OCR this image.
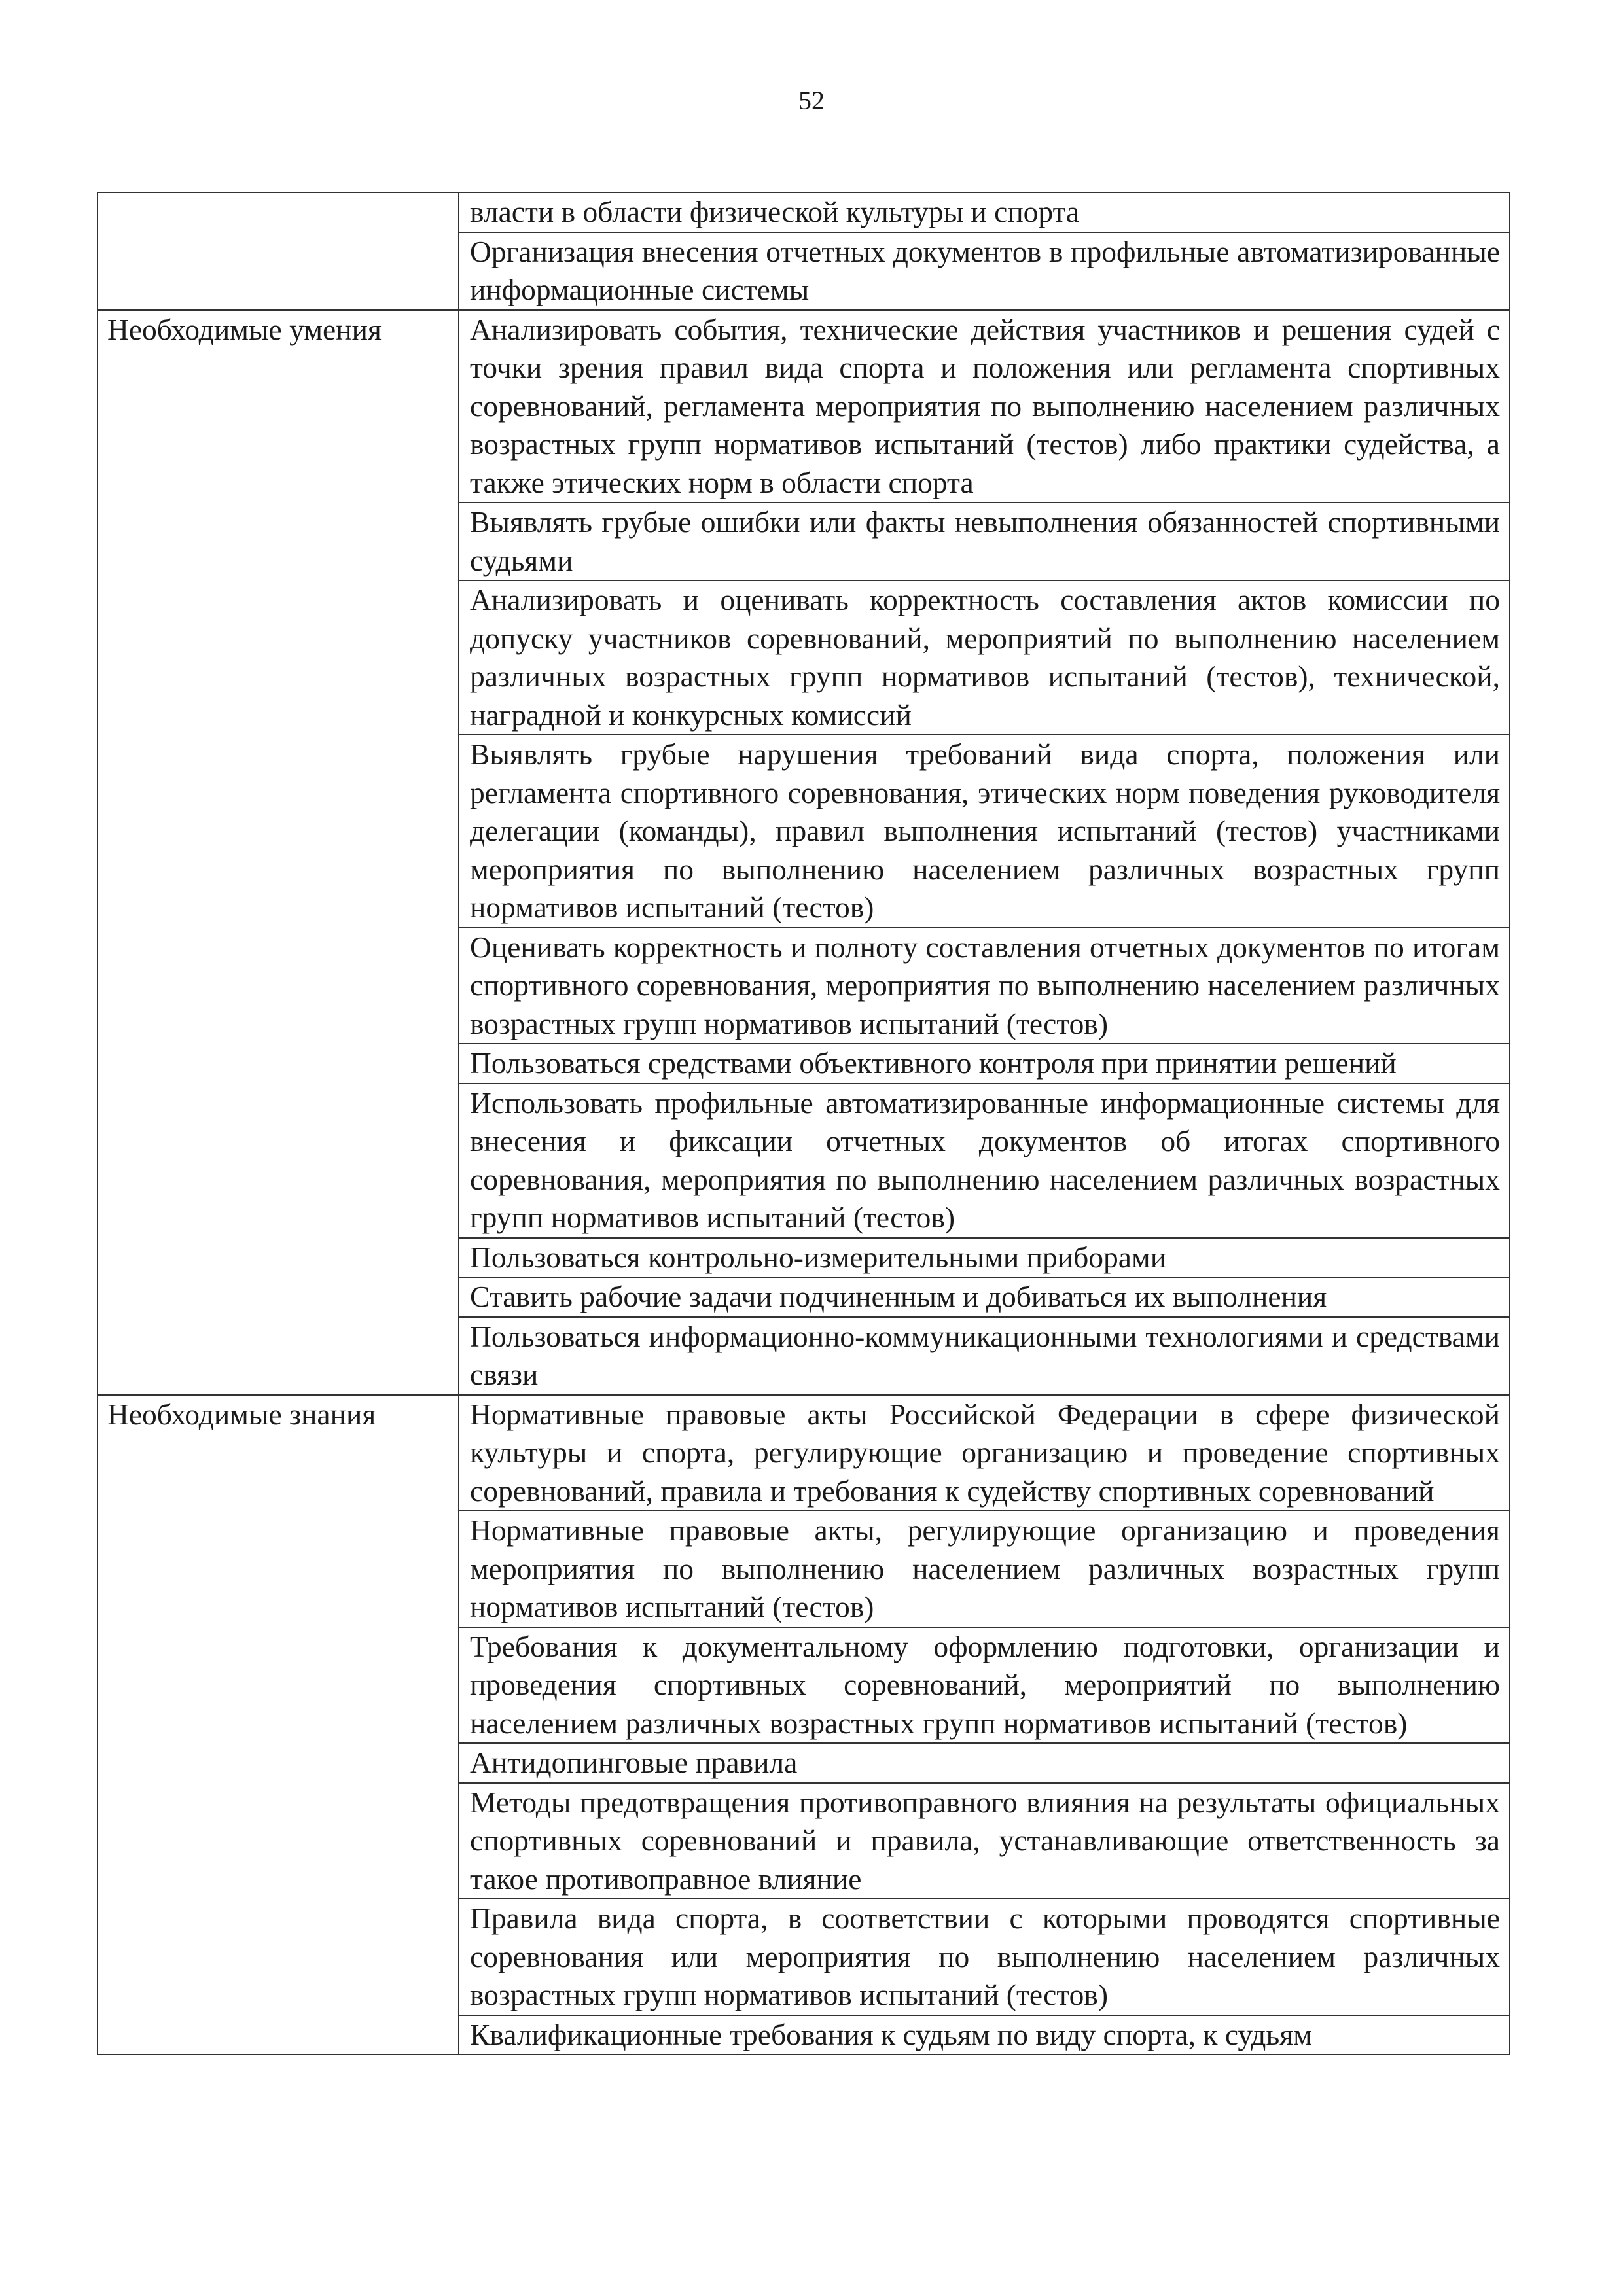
52
	власти в области физической культуры и спорта
	Организация внесения отчетных документов в профильные автоматизированные информационные системы
Необходимые умения	Анализировать события, технические действия участников и решения судей с точки зрения правил вида спорта и положения или регламента спортивных соревнований, регламента мероприятия по выполнению населением различных возрастных групп нормативов испытаний (тестов) либо практики судейства, а также этических норм в области спорта
	Выявлять грубые ошибки или факты невыполнения обязанностей спортивными судьями
	Анализировать и оценивать корректность составления актов комиссии по допуску участников соревнований, мероприятий по выполнению населением различных возрастных групп нормативов испытаний (тестов), технической, наградной и конкурсных комиссий
	Выявлять грубые нарушения требований вида спорта, положения или регламента спортивного соревнования, этических норм поведения руководителя делегации (команды), правил выполнения испытаний (тестов) участниками мероприятия по выполнению населением различных возрастных групп нормативов испытаний (тестов)
	Оценивать корректность и полноту составления отчетных документов по итогам спортивного соревнования, мероприятия по выполнению населением различных возрастных групп нормативов испытаний (тестов)
	Пользоваться средствами объективного контроля при принятии решений
	Использовать профильные автоматизированные информационные системы для внесения и фиксации отчетных документов об итогах спортивного соревнования, мероприятия по выполнению населением различных возрастных групп нормативов испытаний (тестов)
	Пользоваться контрольно-измерительными приборами
	Ставить рабочие задачи подчиненным и добиваться их выполнения
	Пользоваться информационно-коммуникационными технологиями и средствами связи
Необходимые знания	Нормативные правовые акты Российской Федерации в сфере физической культуры и спорта, регулирующие организацию и проведение спортивных соревнований, правила и требования к судейству спортивных соревнований
	Нормативные правовые акты, регулирующие организацию и проведения мероприятия по выполнению населением различных возрастных групп нормативов испытаний (тестов)
	Требования к документальному оформлению подготовки, организации и проведения спортивных соревнований, мероприятий по выполнению населением различных возрастных групп нормативов испытаний (тестов)
	Антидопинговые правила
	Методы предотвращения противоправного влияния на результаты официальных спортивных соревнований и правила, устанавливающие ответственность за такое противоправное влияние
	Правила вида спорта, в соответствии с которыми проводятся спортивные соревнования или мероприятия по выполнению населением различных возрастных групп нормативов испытаний (тестов)
	Квалификационные требования к судьям по виду спорта, к судьям
